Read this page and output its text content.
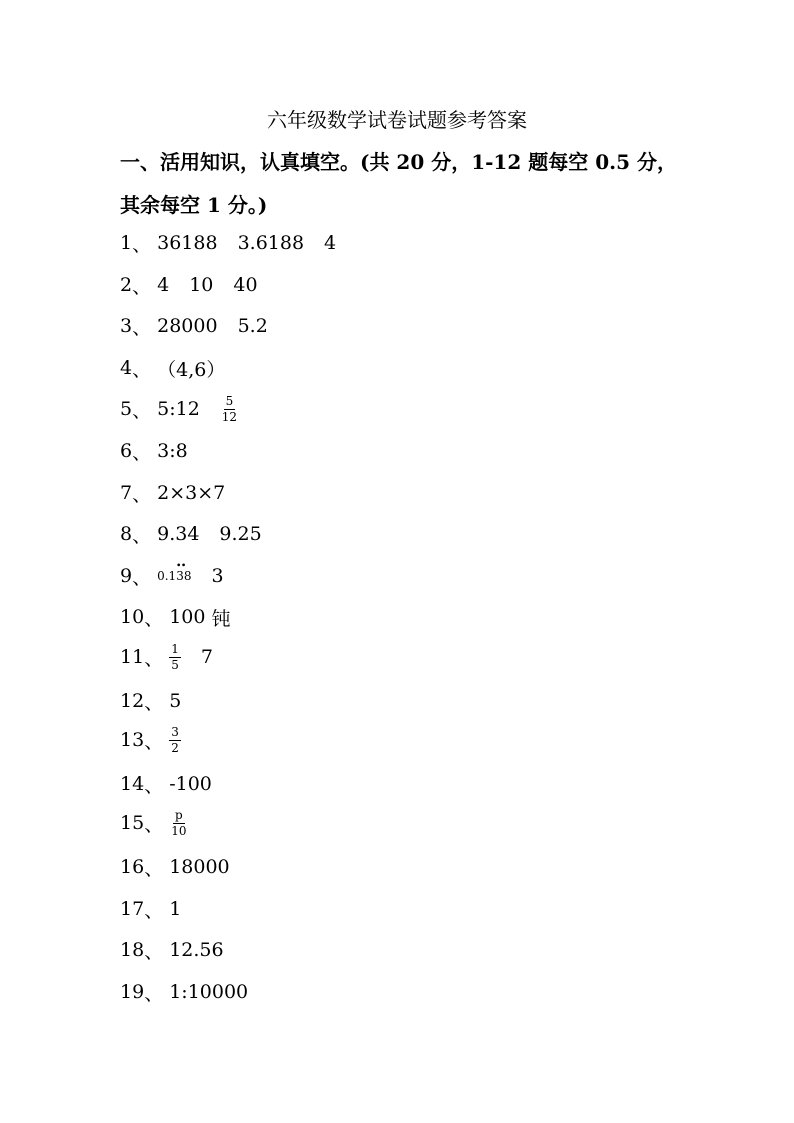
六年级数学试卷试题参考答案
一、活用知识，认真填空。(共 20 分，1-12 题每空 0.5 分，
其余每空 1 分。)
1 、 36188 3.6188 4
2 、 4 10 40
3 、 28000 5.2
4 、 （4,6）
5 、 5:12 $\frac{5}{12}$
6 、 3:8
7 、 2×3×7
8 、 9.34 9.25
9 、 0.1
∙∙
38 3
10 、 100 钝
11 、 $\frac{1}{5} 7$
12 、 5
13 、 $\frac{3}{2}$
14 、 -100
15 、 $\frac{p}{10}$
16 、 18000
17 、 1
18 、 12.56
19 、 1:10000
